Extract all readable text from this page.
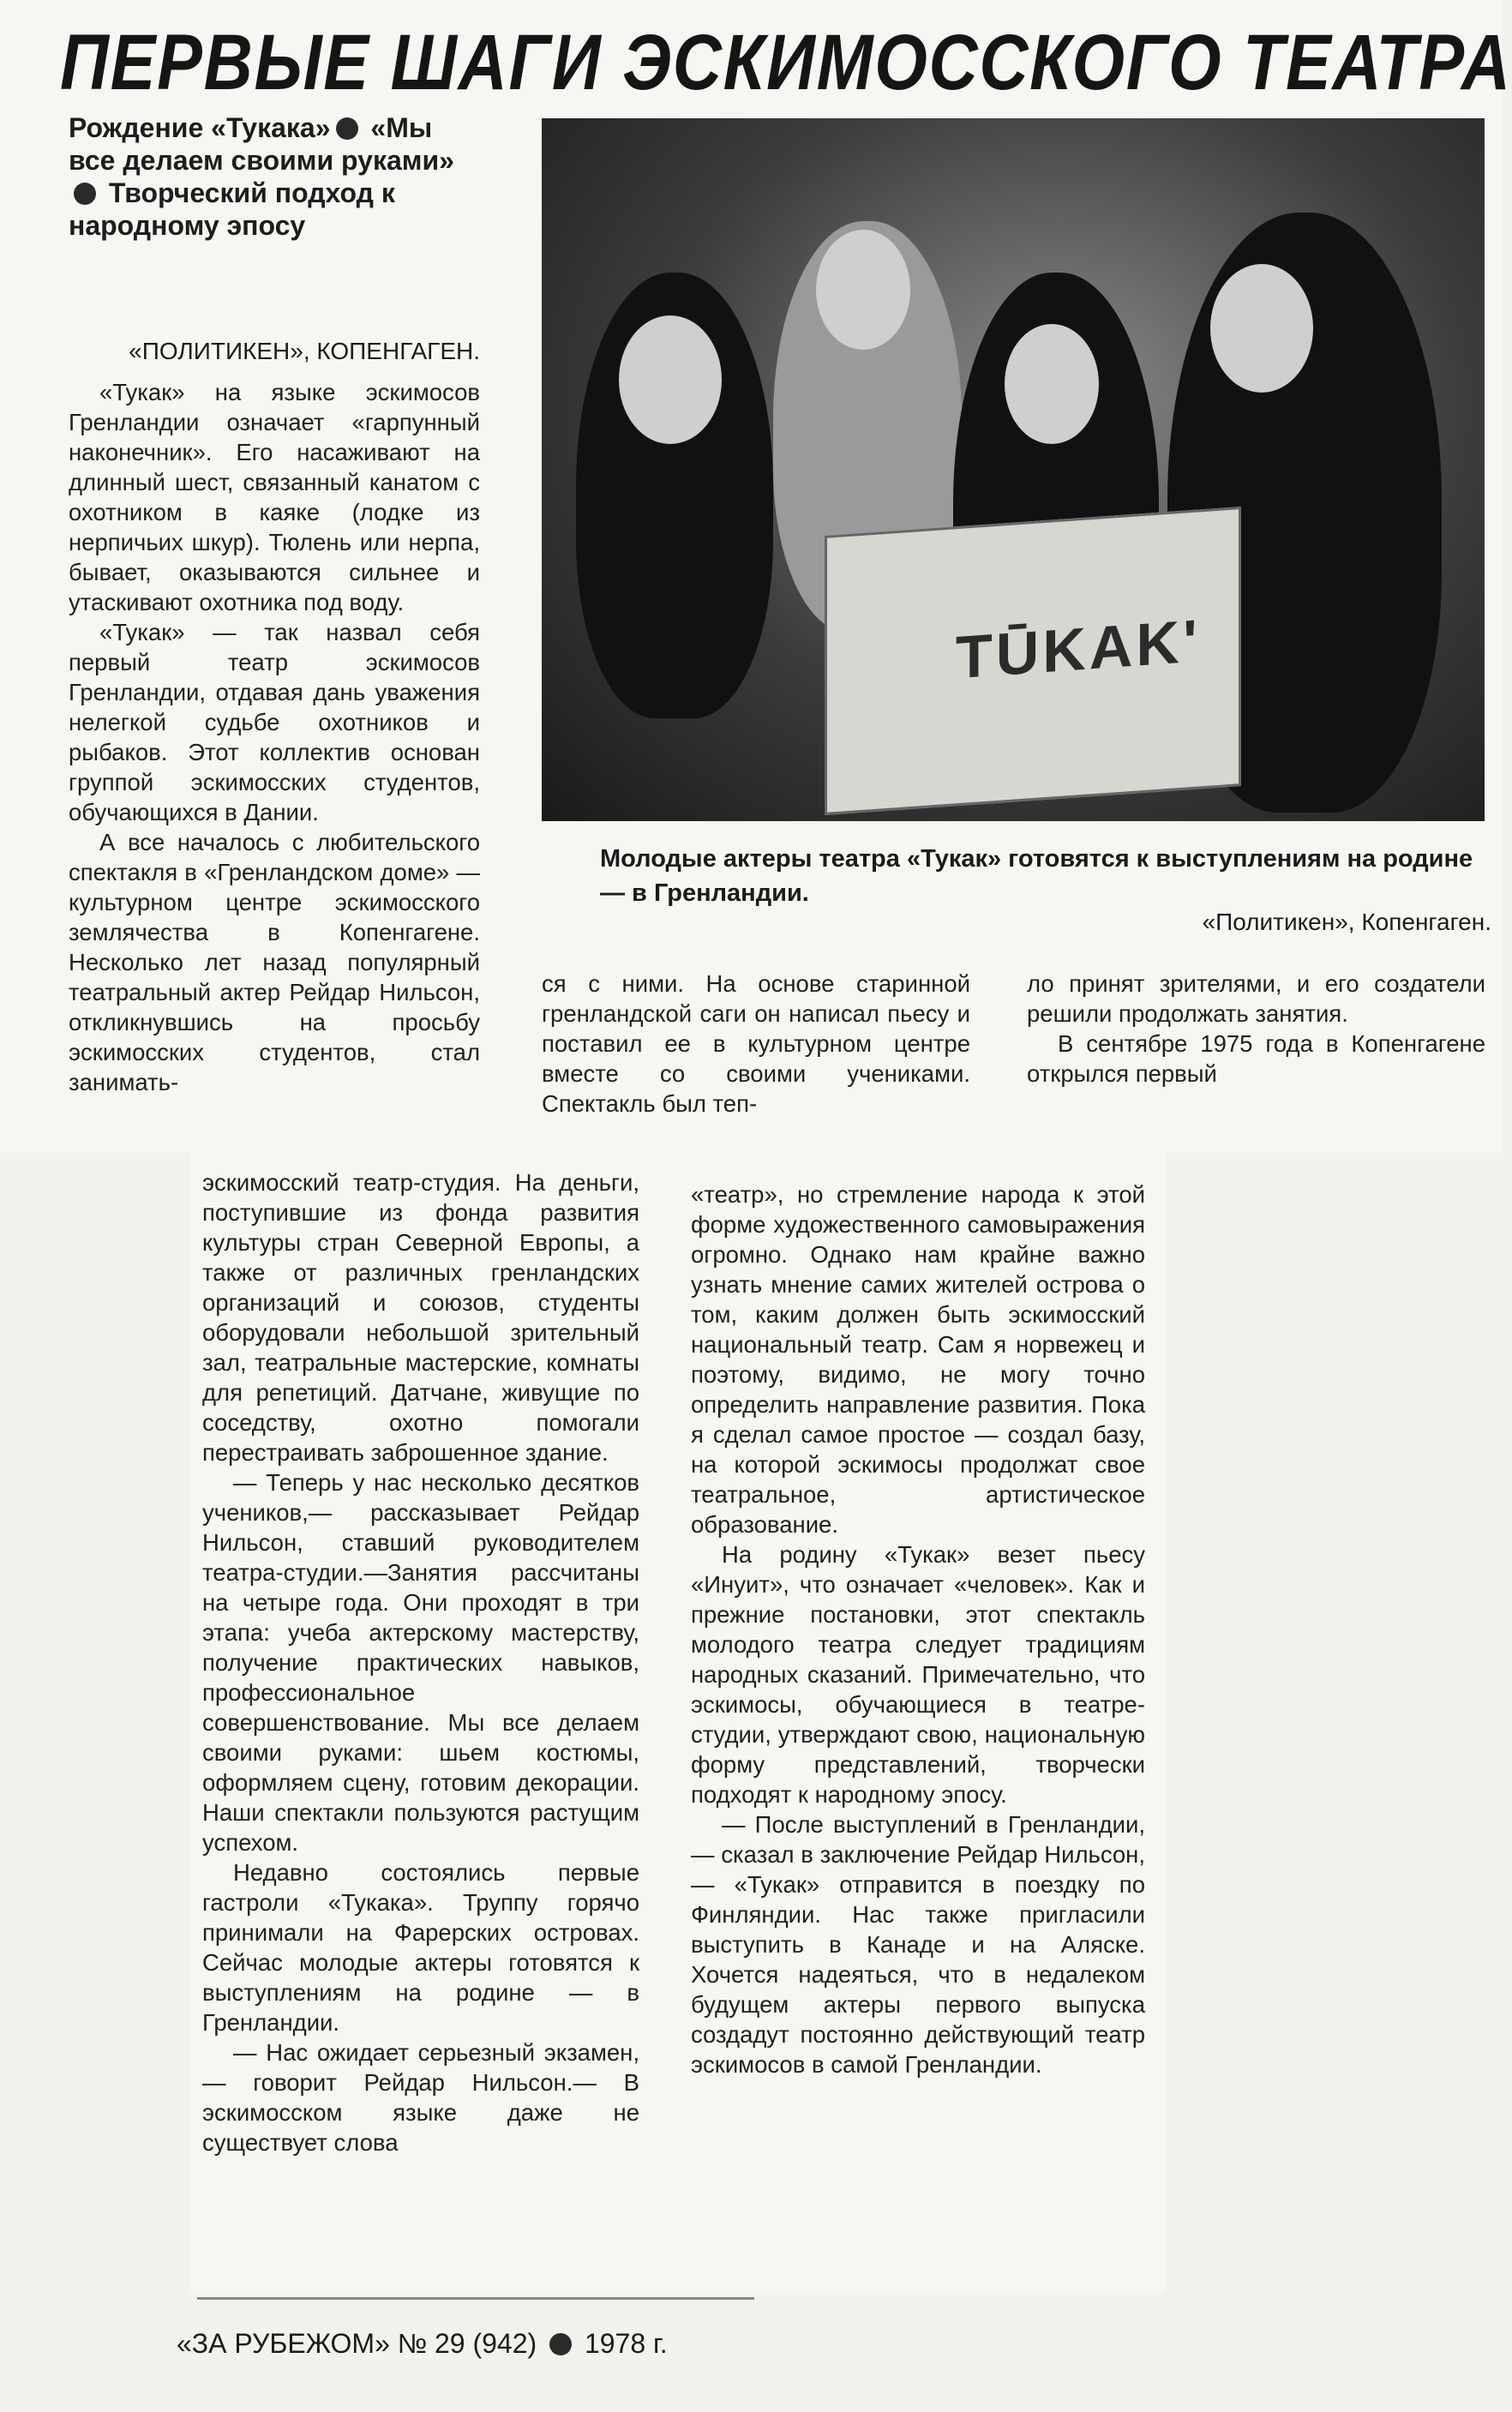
ПЕРВЫЕ ШАГИ ЭСКИМОССКОГО ТЕАТРА
Рождение «Тукака» «Мы все делаем своими руками» Творческий подход к народному эпосу
«ПОЛИТИКЕН», КОПЕНГАГЕН.

«Тукак» на языке эскимосов Гренландии означает «гарпунный наконечник». Его насаживают на длинный шест, связанный канатом с охотником в каяке (лодке из нерпичьих шкур). Тюлень или нерпа, бывает, оказываются сильнее и утаскивают охотника под воду.

«Тукак» — так назвал себя первый театр эскимосов Гренландии, отдавая дань уважения нелегкой судьбе охотников и рыбаков. Этот коллектив основан группой эскимосских студентов, обучающихся в Дании.

А все началось с любительского спектакля в «Гренландском доме» — культурном центре эскимосского землячества в Копенгагене. Несколько лет назад популярный театральный актер Рейдар Нильсон, откликнувшись на просьбу эскимосских студентов, стал занимать-

TŪKAK'
Молодые актеры театра «Тукак» готовятся к выступлениям на родине — в Гренландии.
«Политикен», Копенгаген.

ся с ними. На основе старинной гренландской саги он написал пьесу и поставил ее в культурном центре вместе со своими учениками. Спектакль был теп-

ло принят зрителями, и его создатели решили продолжать занятия.

В сентябре 1975 года в Копенгагене открылся первый

эскимосский театр-студия. На деньги, поступившие из фонда развития культуры стран Северной Европы, а также от различных гренландских организаций и союзов, студенты оборудовали небольшой зрительный зал, театральные мастерские, комнаты для репетиций. Датчане, живущие по соседству, охотно помогали перестраивать заброшенное здание.

— Теперь у нас несколько десятков учеников,— рассказывает Рейдар Нильсон, ставший руководителем театра-студии.—Занятия рассчитаны на четыре года. Они проходят в три этапа: учеба актерскому мастерству, получение практических навыков, профессиональное совершенствование. Мы все делаем своими руками: шьем костюмы, оформляем сцену, готовим декорации. Наши спектакли пользуются растущим успехом.

Недавно состоялись первые гастроли «Тукака». Труппу горячо принимали на Фарерских островах. Сейчас молодые актеры готовятся к выступлениям на родине — в Гренландии.

— Нас ожидает серьезный экзамен,— говорит Рейдар Нильсон.— В эскимосском языке даже не существует слова

«театр», но стремление народа к этой форме художественного самовыражения огромно. Однако нам крайне важно узнать мнение самих жителей острова о том, каким должен быть эскимосский национальный театр. Сам я норвежец и поэтому, видимо, не могу точно определить направление развития. Пока я сделал самое простое — создал базу, на которой эскимосы продолжат свое театральное, артистическое образование.

На родину «Тукак» везет пьесу «Инуит», что означает «человек». Как и прежние постановки, этот спектакль молодого театра следует традициям народных сказаний. Примечательно, что эскимосы, обучающиеся в театре-студии, утверждают свою, национальную форму представлений, творчески подходят к народному эпосу.

— После выступлений в Гренландии,— сказал в заключение Рейдар Нильсон,— «Тукак» отправится в поездку по Финляндии. Нас также пригласили выступить в Канаде и на Аляске. Хочется надеяться, что в недалеком будущем актеры первого выпуска создадут постоянно действующий театр эскимосов в самой Гренландии.

«ЗА РУБЕЖОМ» № 29 (942) 1978 г.
